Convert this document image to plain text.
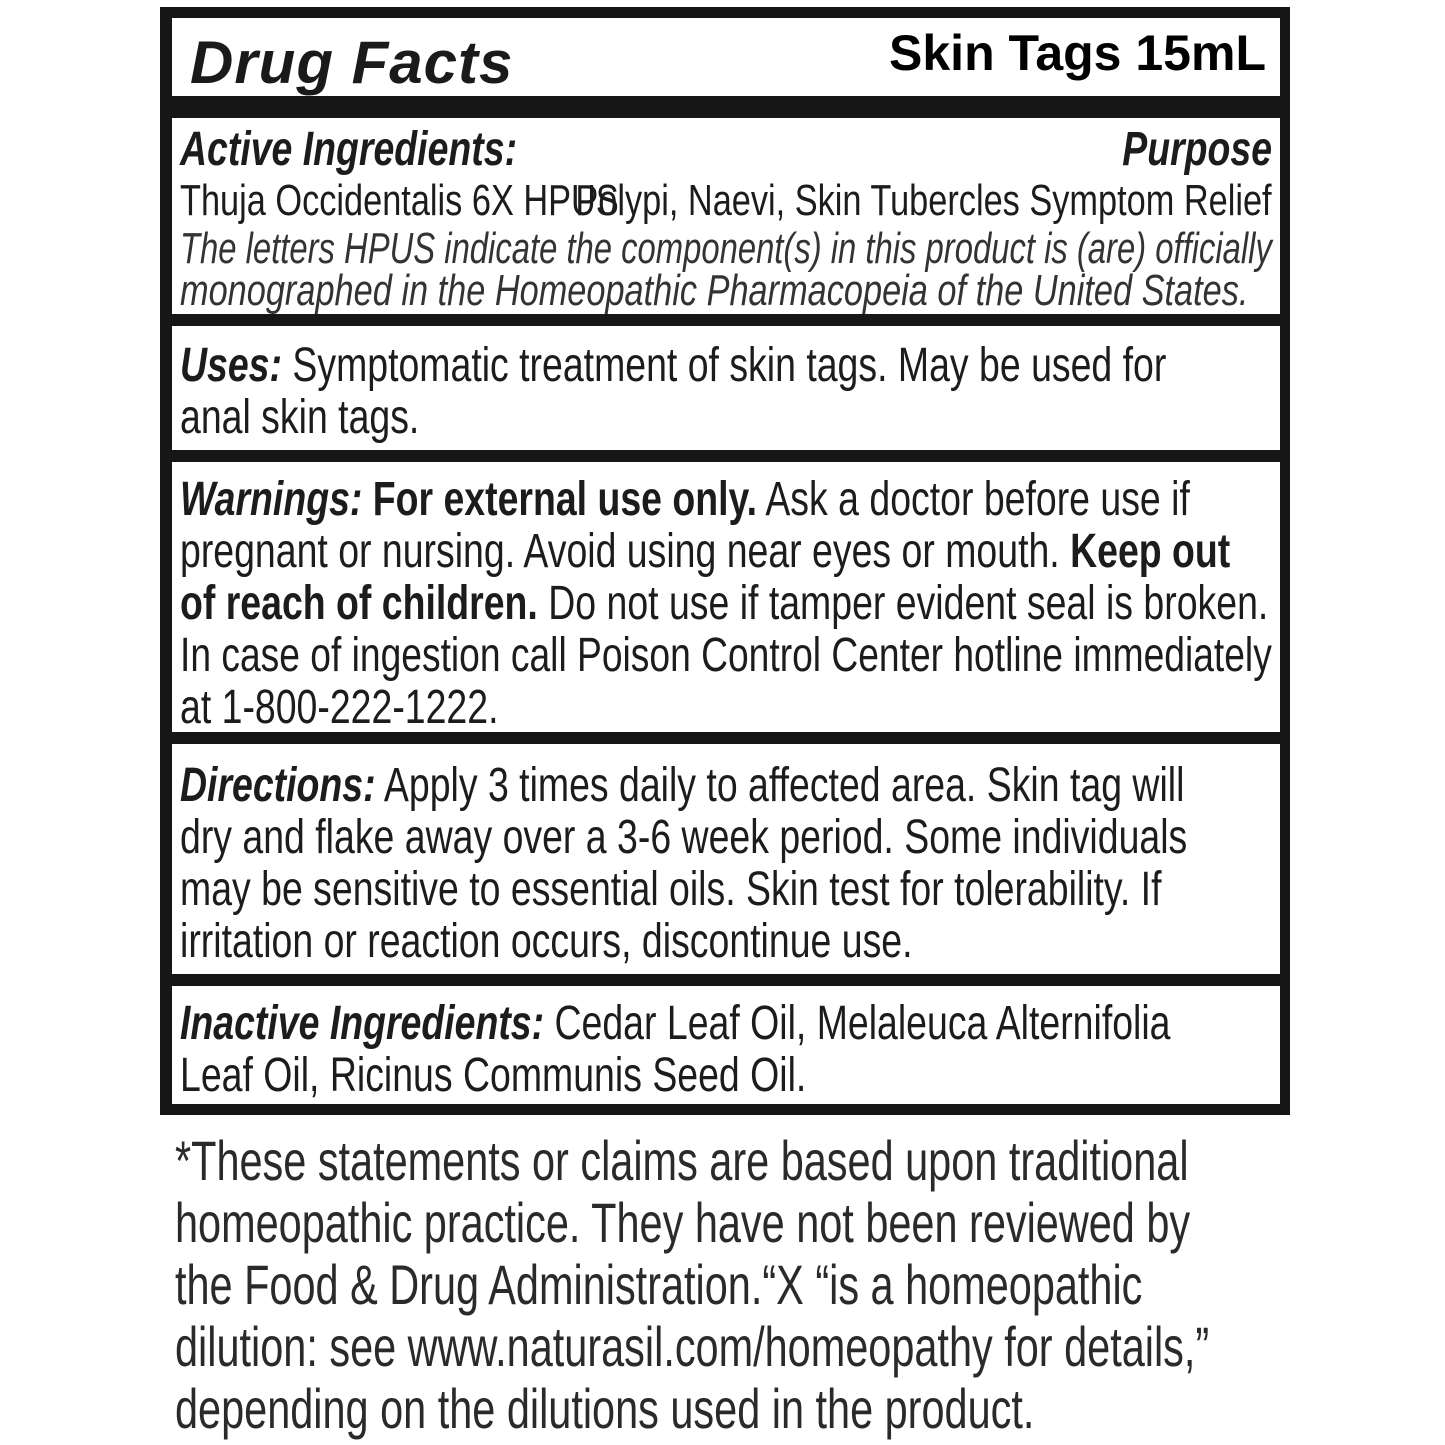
Drug Facts	Skin Tags 15mL
Active Ingredients:	Purpose
Thuja Occidentalis 6X HPUS
Polypi, Naevi, Skin Tubercles Symptom Relief
The letters HPUS indicate the component(s) in this product is (are) officially
monographed in the Homeopathic Pharmacopeia of the United States.
Uses: Symptomatic treatment of skin tags. May be used for
anal skin tags.
Warnings: For external use only. Ask a doctor before use if
pregnant or nursing. Avoid using near eyes or mouth. Keep out
of reach of children. Do not use if tamper evident seal is broken.
In case of ingestion call Poison Control Center hotline immediately
at 1-800-222-1222.
Directions: Apply 3 times daily to affected area. Skin tag will
dry and flake away over a 3-6 week period. Some individuals
may be sensitive to essential oils. Skin test for tolerability. If
irritation or reaction occurs, discontinue use.
Inactive Ingredients: Cedar Leaf Oil, Melaleuca Alternifolia
Leaf Oil, Ricinus Communis Seed Oil.
*These statements or claims are based upon traditional
homeopathic practice. They have not been reviewed by
the Food & Drug Administration.“X “is a homeopathic
dilution: see www.naturasil.com/homeopathy for details,”
depending on the dilutions used in the product.
